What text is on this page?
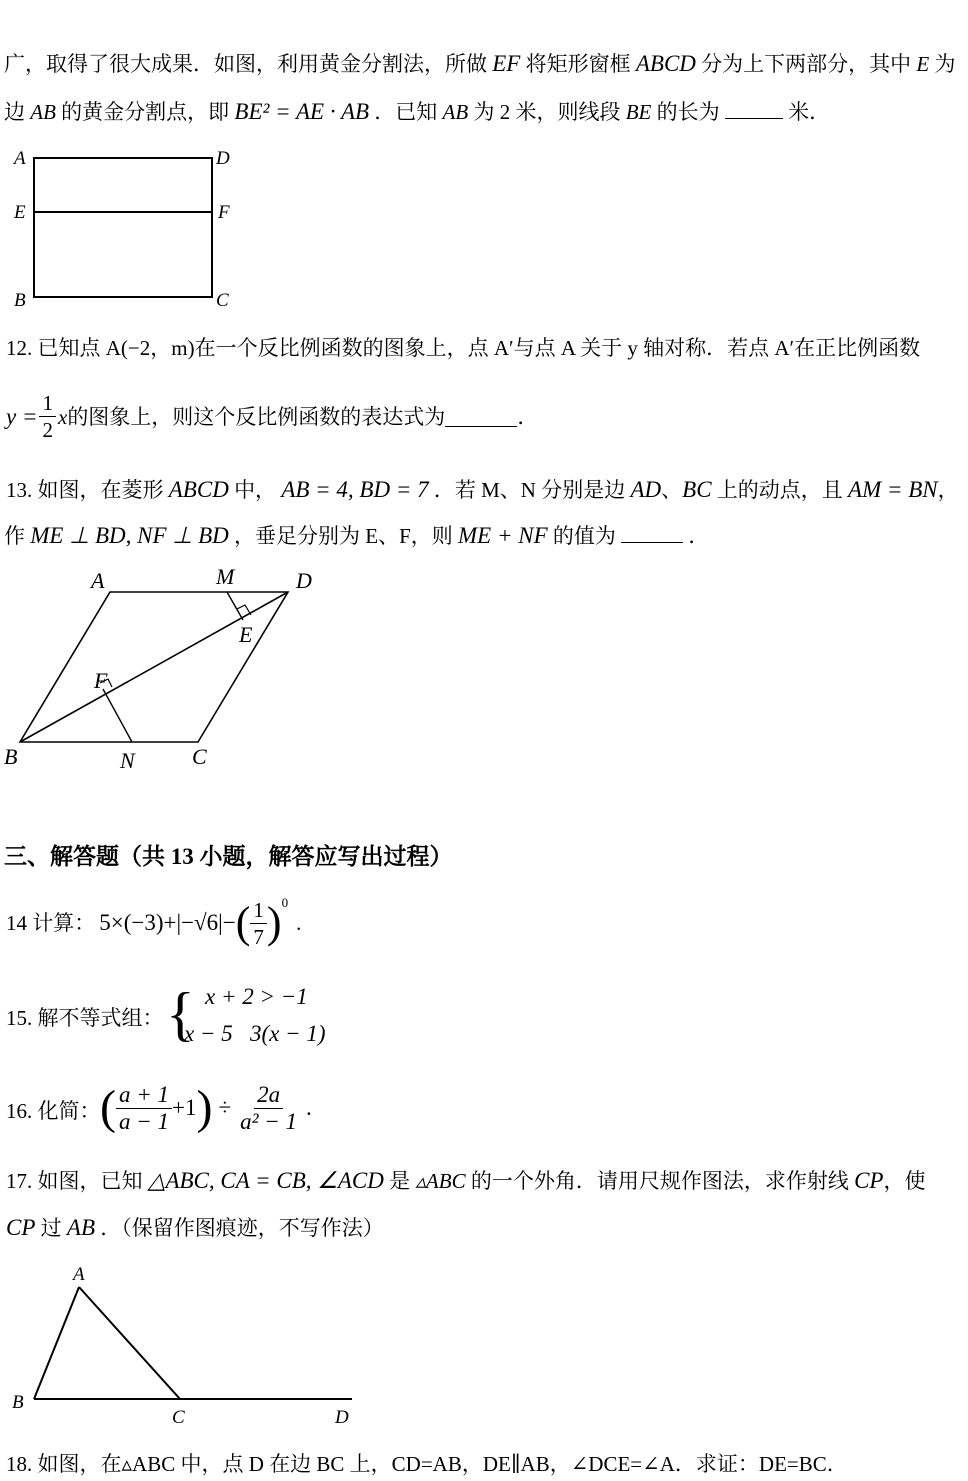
广，取得了很大成果．如图，利用黄金分割法，所做 EF 将矩形窗框 ABCD 分为上下两部分，其中 E 为
边 AB 的黄金分割点，即 BE² = AE · AB ．已知 AB 为 2 米，则线段 BE 的长为	米．
A	D
E	F
B	C
12. 已知点 A(−2，m)在一个反比例函数的图象上，点 A′与点 A 关于 y 轴对称．若点 A′在正比例函数
$y = \frac{1}{2}$ x 的图象上，则这个反比例函数的表达式为	．
13. 如图，在菱形 ABCD 中， AB = 4, BD = 7 ．若 M、N 分别是边 AD、BC 上的动点，且 AM = BN，
作 ME ⊥ BD, NF ⊥ BD ，垂足分别为 E、F，则 ME + NF 的值为	．
A	M	D
E
F
B	N	C
三、解答题（共 13 小题，解答应写出过程）
14 计算： 5×(−3)+|−√6|− ( $\frac{1}{7}$ ) 0
.
15. 解不等式组： { x + 2 > −1
x − 5   3(x − 1)
16. 化简： ( $\frac{a + 1}{a - 1} +1$ ) ÷ $\frac{2a}{\text{a² − 1}}$ .
17. 如图，已知 △ABC, CA = CB, ∠ACD 是 ▵ABC 的一个外角．请用尺规作图法，求作射线 CP，使
CP 过 AB ．（保留作图痕迹，不写作法）
A
B
C	D
18. 如图，在▵ABC 中，点 D 在边 BC 上，CD=AB，DE∥AB，∠DCE=∠A．求证：DE=BC．
